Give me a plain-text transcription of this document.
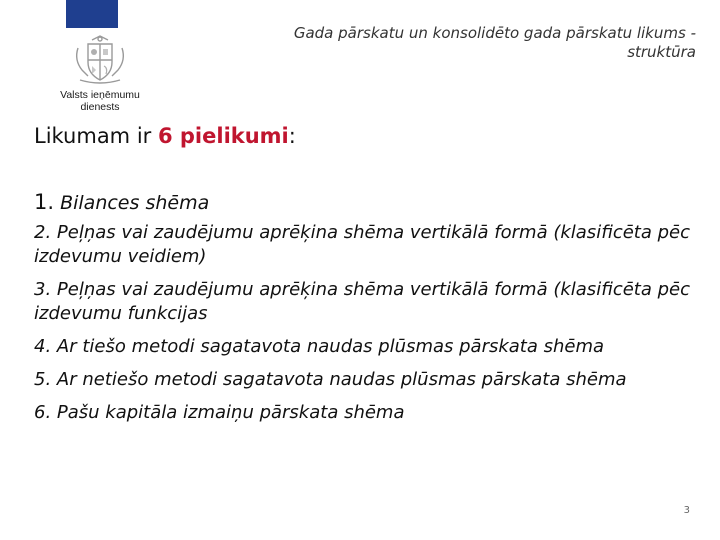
Valsts ieņēmumu
dienests
Gada pārskatu un konsolidēto gada pārskatu likums -
struktūra
Likumam ir 6 pielikumi:
1. Bilances shēma
2. Peļņas vai zaudējumu aprēķina shēma vertikālā formā (klasificēta pēc izdevumu veidiem)
3. Peļņas vai zaudējumu aprēķina shēma vertikālā formā (klasificēta pēc izdevumu funkcijas
4. Ar tiešo metodi sagatavota naudas plūsmas pārskata shēma
5. Ar netiešo metodi sagatavota naudas plūsmas pārskata shēma
6. Pašu kapitāla izmaiņu pārskata shēma
3
